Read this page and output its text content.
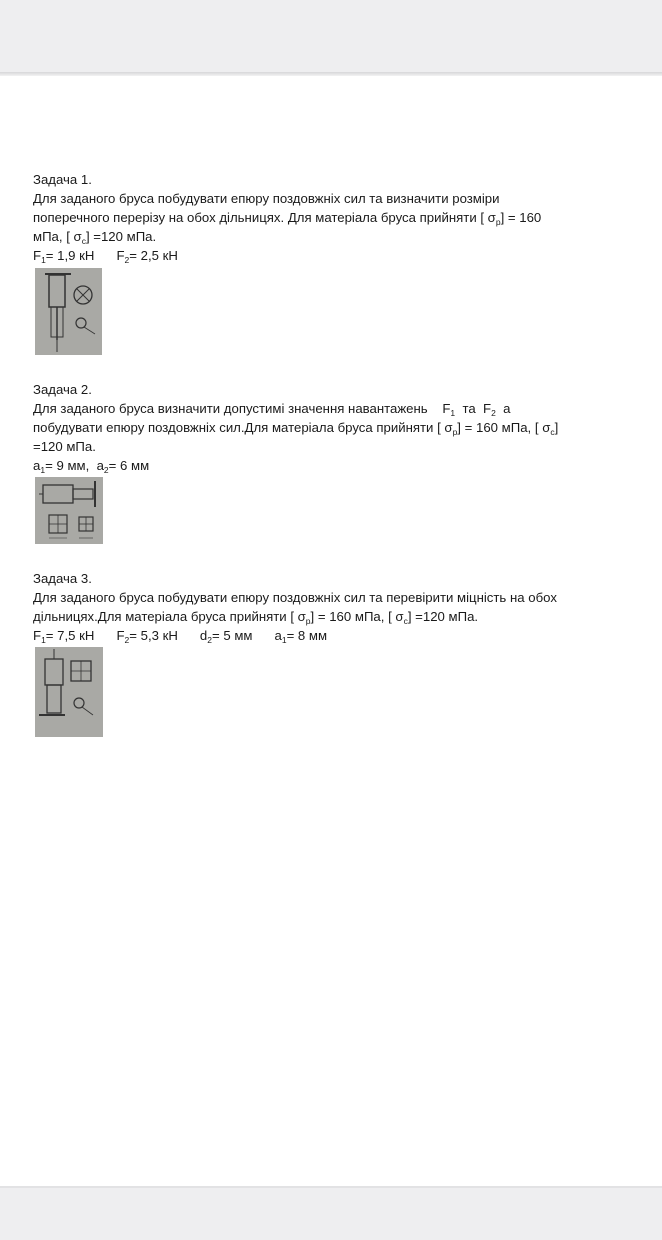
Задача 1.

Для заданого бруса побудувати епюру поздовжніх сил та визначити розміри

поперечного перерізу на обох дільницях. Для матеріала бруса прийняти [ $\sigma_р] = 160$

мПа, [ $\sigma_с] =120$ мПа.

$F_1= 1,9$ кН $F_2= 2,5$ кН

Задача 2.

Для заданого бруса визначити допустимі значення навантажень $F_1$ та $F_2$ а

побудувати епюру поздовжніх сил.Для матеріала бруса прийняти [ $\sigma_р] = 160$ мПа, [ $\sigma_с$]

=120 мПа.

$a_1= 9$ мм, $a_2= 6$ мм

Задача 3.

Для заданого бруса побудувати епюру поздовжніх сил та перевірити міцність на обох

дільницях.Для матеріала бруса прийняти [ $\sigma_р] = 160$ мПа, [ $\sigma_с] =120$ мПа.

$F_1= 7,5$ кН $F_2= 5,3$ кН $d_2= 5$ мм $a_1= 8$ мм
